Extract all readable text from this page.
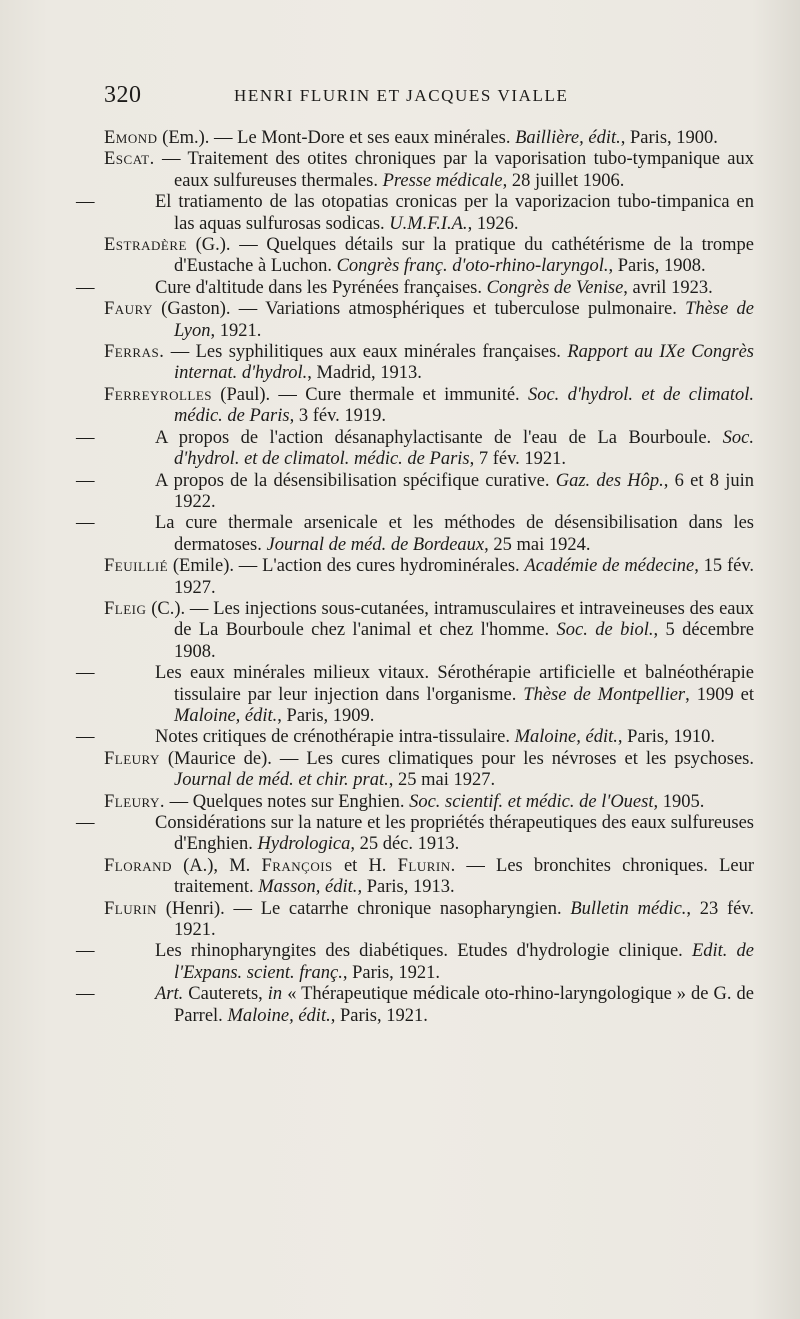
320	HENRI FLURIN ET JACQUES VIALLE
Emond (Em.). — Le Mont-Dore et ses eaux minérales. Baillière, édit., Paris, 1900.
Escat. — Traitement des otites chroniques par la vaporisation tubo-tympanique aux eaux sulfureuses thermales. Presse médicale, 28 juillet 1906.
—	El tratiamento de las otopatias cronicas per la vaporizacion tubo-timpanica en las aquas sulfurosas sodicas. U.M.F.I.A., 1926.
Estradère (G.). — Quelques détails sur la pratique du cathétérisme de la trompe d'Eustache à Luchon. Congrès franç. d'oto-rhino-laryngol., Paris, 1908.
—	Cure d'altitude dans les Pyrénées françaises. Congrès de Venise, avril 1923.
Faury (Gaston). — Variations atmosphériques et tuberculose pulmonaire. Thèse de Lyon, 1921.
Ferras. — Les syphilitiques aux eaux minérales françaises. Rapport au IXe Congrès internat. d'hydrol., Madrid, 1913.
Ferreyrolles (Paul). — Cure thermale et immunité. Soc. d'hydrol. et de climatol. médic. de Paris, 3 fév. 1919.
—	A propos de l'action désanaphylactisante de l'eau de La Bourboule. Soc. d'hydrol. et de climatol. médic. de Paris, 7 fév. 1921.
—	A propos de la désensibilisation spécifique curative. Gaz. des Hôp., 6 et 8 juin 1922.
—	La cure thermale arsenicale et les méthodes de désensibilisation dans les dermatoses. Journal de méd. de Bordeaux, 25 mai 1924.
Feuillié (Emile). — L'action des cures hydrominérales. Académie de médecine, 15 fév. 1927.
Fleig (C.). — Les injections sous-cutanées, intramusculaires et intraveineuses des eaux de La Bourboule chez l'animal et chez l'homme. Soc. de biol., 5 décembre 1908.
—	Les eaux minérales milieux vitaux. Sérothérapie artificielle et balnéothérapie tissulaire par leur injection dans l'organisme. Thèse de Montpellier, 1909 et Maloine, édit., Paris, 1909.
—	Notes critiques de crénothérapie intra-tissulaire. Maloine, édit., Paris, 1910.
Fleury (Maurice de). — Les cures climatiques pour les névroses et les psychoses. Journal de méd. et chir. prat., 25 mai 1927.
Fleury. — Quelques notes sur Enghien. Soc. scientif. et médic. de l'Ouest, 1905.
—	Considérations sur la nature et les propriétés thérapeutiques des eaux sulfureuses d'Enghien. Hydrologica, 25 déc. 1913.
Florand (A.), M. François et H. Flurin. — Les bronchites chroniques. Leur traitement. Masson, édit., Paris, 1913.
Flurin (Henri). — Le catarrhe chronique nasopharyngien. Bulletin médic., 23 fév. 1921.
—	Les rhinopharyngites des diabétiques. Etudes d'hydrologie clinique. Edit. de l'Expans. scient. franç., Paris, 1921.
—	Art. Cauterets, in « Thérapeutique médicale oto-rhino-laryngologique » de G. de Parrel. Maloine, édit., Paris, 1921.
